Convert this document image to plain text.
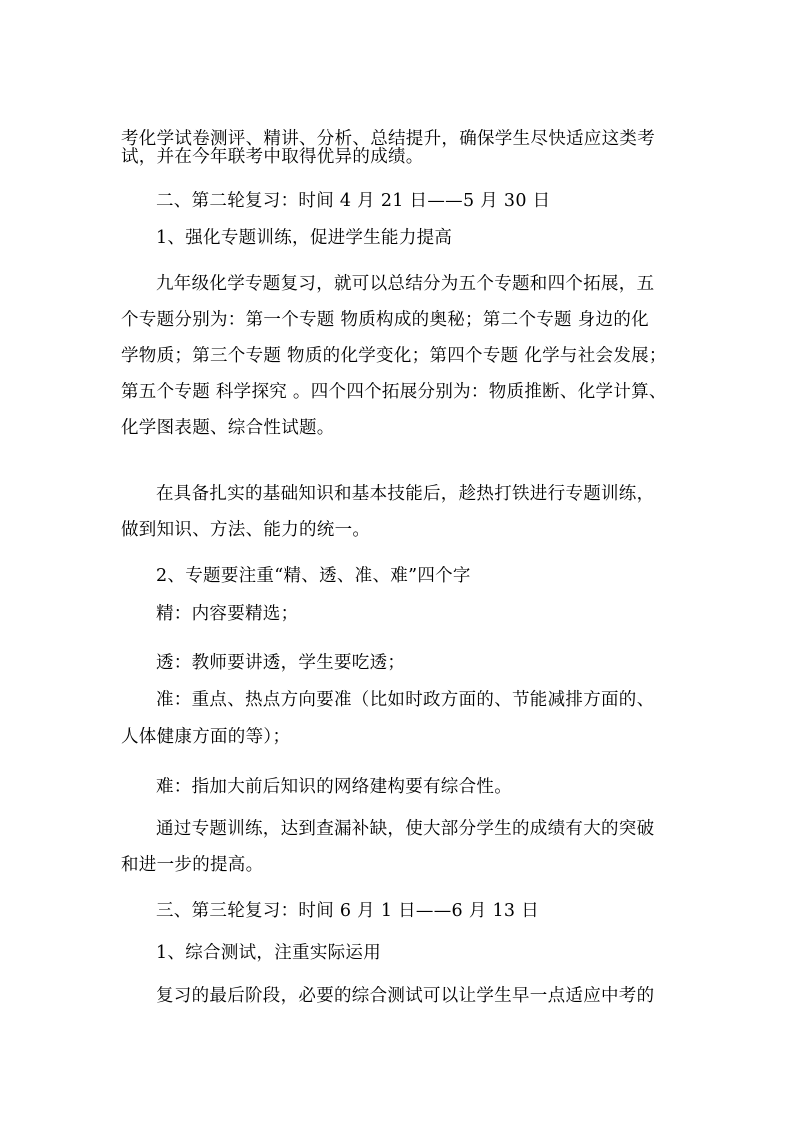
考化学试卷测评、精讲、分析、总结提升，确保学生尽快适应这类考
试，并在今年联考中取得优异的成绩。
二、第二轮复习：时间 4 月 21 日——5 月 30 日
1、强化专题训练，促进学生能力提高
九年级化学专题复习，就可以总结分为五个专题和四个拓展，五
个专题分别为：第一个专题 物质构成的奥秘；第二个专题 身边的化
学物质；第三个专题 物质的化学变化；第四个专题 化学与社会发展；
第五个专题 科学探究 。四个四个拓展分别为：物质推断、化学计算、
化学图表题、综合性试题。
在具备扎实的基础知识和基本技能后，趁热打铁进行专题训练，
做到知识、方法、能力的统一。
2、专题要注重“精、透、准、难”四个字
精：内容要精选；
透：教师要讲透，学生要吃透；
准：重点、热点方向要准（比如时政方面的、节能减排方面的、
人体健康方面的等）；
难：指加大前后知识的网络建构要有综合性。
通过专题训练，达到查漏补缺，使大部分学生的成绩有大的突破
和进一步的提高。
三、第三轮复习：时间 6 月 1 日——6 月 13 日
1、综合测试，注重实际运用
复习的最后阶段，必要的综合测试可以让学生早一点适应中考的
